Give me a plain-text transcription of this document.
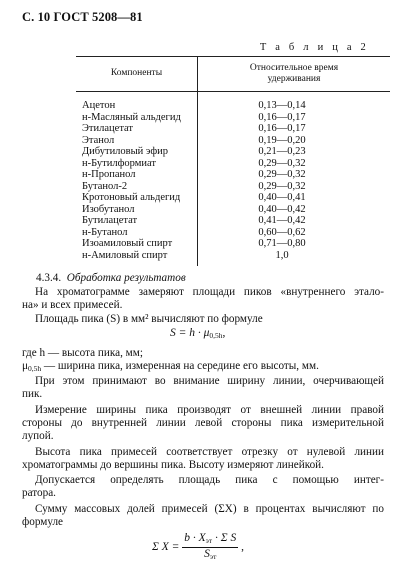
С. 10 ГОСТ 5208—81
Т а б л и ц а 2
Компоненты	Относительное время
удерживания
Ацетон	0,13—0,14
н-Масляный альдегид	0,16—0,17
Этилацетат	0,16—0,17
Этанол	0,19—0,20
Дибутиловый эфир	0,21—0,23
н-Бутилформиат	0,29—0,32
н-Пропанол	0,29—0,32
Бутанол-2	0,29—0,32
Кротоновый альдегид	0,40—0,41
Изобутанол	0,40—0,42
Бутилацетат	0,41—0,42
н-Бутанол	0,60—0,62
Изоамиловый спирт	0,71—0,80
н-Амиловый спирт	1,0
4.3.4. Обработка результатов
На хроматограмме замеряют площади пиков «внутреннего этало-
на» и всех примесей.
Площадь пика (S) в мм² вычисляют по формуле
$S = h \cdot \mu_{0,5h}$,
где h — высота пика, мм;
$\mu_{0,5h}$ — ширина пика, измеренная на середине его высоты, мм.
При этом принимают во внимание ширину линии, очерчивающей
пик.
Измерение ширины пика производят от внешней линии правой
стороны до внутренней линии левой стороны пика измерительной
лупой.
Высота пика примесей соответствует отрезку от нулевой линии
хроматограммы до вершины пика. Высоту измеряют линейкой.
Допускается определять площадь пика с помощью интег-
ратора.
Сумму массовых долей примесей (ΣX) в процентах вычисляют по
формуле
Σ $X = \frac{b \cdot X_{эт} \cdot \Sigma S}{S_{эт}}$ ,
